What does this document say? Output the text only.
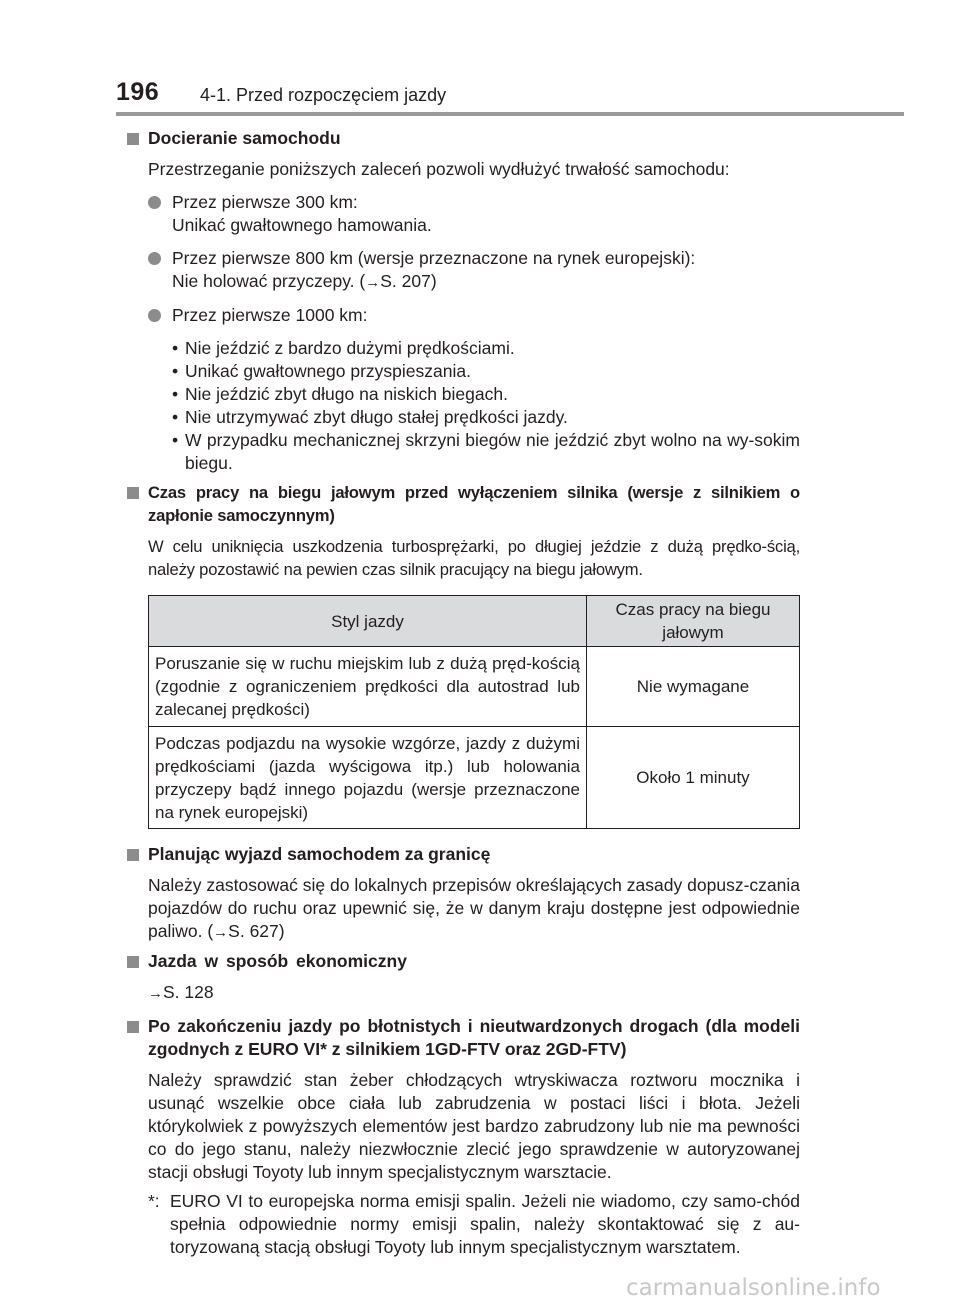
196 4-1. Przed rozpoczęciem jazdy
Docieranie samochodu
Przestrzeganie poniższych zaleceń pozwoli wydłużyć trwałość samochodu:
Przez pierwsze 300 km:
Unikać gwałtownego hamowania.
Przez pierwsze 800 km (wersje przeznaczone na rynek europejski):
Nie holować przyczepy. (→S. 207)
Przez pierwsze 1000 km:
• Nie jeździć z bardzo dużymi prędkościami.
• Unikać gwałtownego przyspieszania.
• Nie jeździć zbyt długo na niskich biegach.
• Nie utrzymywać zbyt długo stałej prędkości jazdy.
• W przypadku mechanicznej skrzyni biegów nie jeździć zbyt wolno na wy-sokim biegu.
Czas pracy na biegu jałowym przed wyłączeniem silnika (wersje z silnikiem o zapłonie samoczynnym)
W celu uniknięcia uszkodzenia turbosprężarki, po długiej jeździe z dużą prędko-ścią, należy pozostawić na pewien czas silnik pracujący na biegu jałowym.
Styl jazdy	Czas pracy na biegu jałowym
Poruszanie się w ruchu miejskim lub z dużą pręd-kością (zgodnie z ograniczeniem prędkości dla autostrad lub zalecanej prędkości)	Nie wymagane
Podczas podjazdu na wysokie wzgórze, jazdy z dużymi prędkościami (jazda wyścigowa itp.) lub holowania przyczepy bądź innego pojazdu (wersje przeznaczone na rynek europejski)	Około 1 minuty
Planując wyjazd samochodem za granicę
Należy zastosować się do lokalnych przepisów określających zasady dopusz-czania pojazdów do ruchu oraz upewnić się, że w danym kraju dostępne jest odpowiednie paliwo. (→S. 627)
Jazda w sposób ekonomiczny
→S. 128
Po zakończeniu jazdy po błotnistych i nieutwardzonych drogach (dla modeli zgodnych z EURO VI* z silnikiem 1GD-FTV oraz 2GD-FTV)
Należy sprawdzić stan żeber chłodzących wtryskiwacza roztworu mocznika i usunąć wszelkie obce ciała lub zabrudzenia w postaci liści i błota. Jeżeli którykolwiek z powyższych elementów jest bardzo zabrudzony lub nie ma pewności co do jego stanu, należy niezwłocznie zlecić jego sprawdzenie w autoryzowanej stacji obsługi Toyoty lub innym specjalistycznym warsztacie.
*: EURO VI to europejska norma emisji spalin. Jeżeli nie wiadomo, czy samo-chód spełnia odpowiednie normy emisji spalin, należy skontaktować się z au-toryzowaną stacją obsługi Toyoty lub innym specjalistycznym warsztatem.
carmanualsonline.info
